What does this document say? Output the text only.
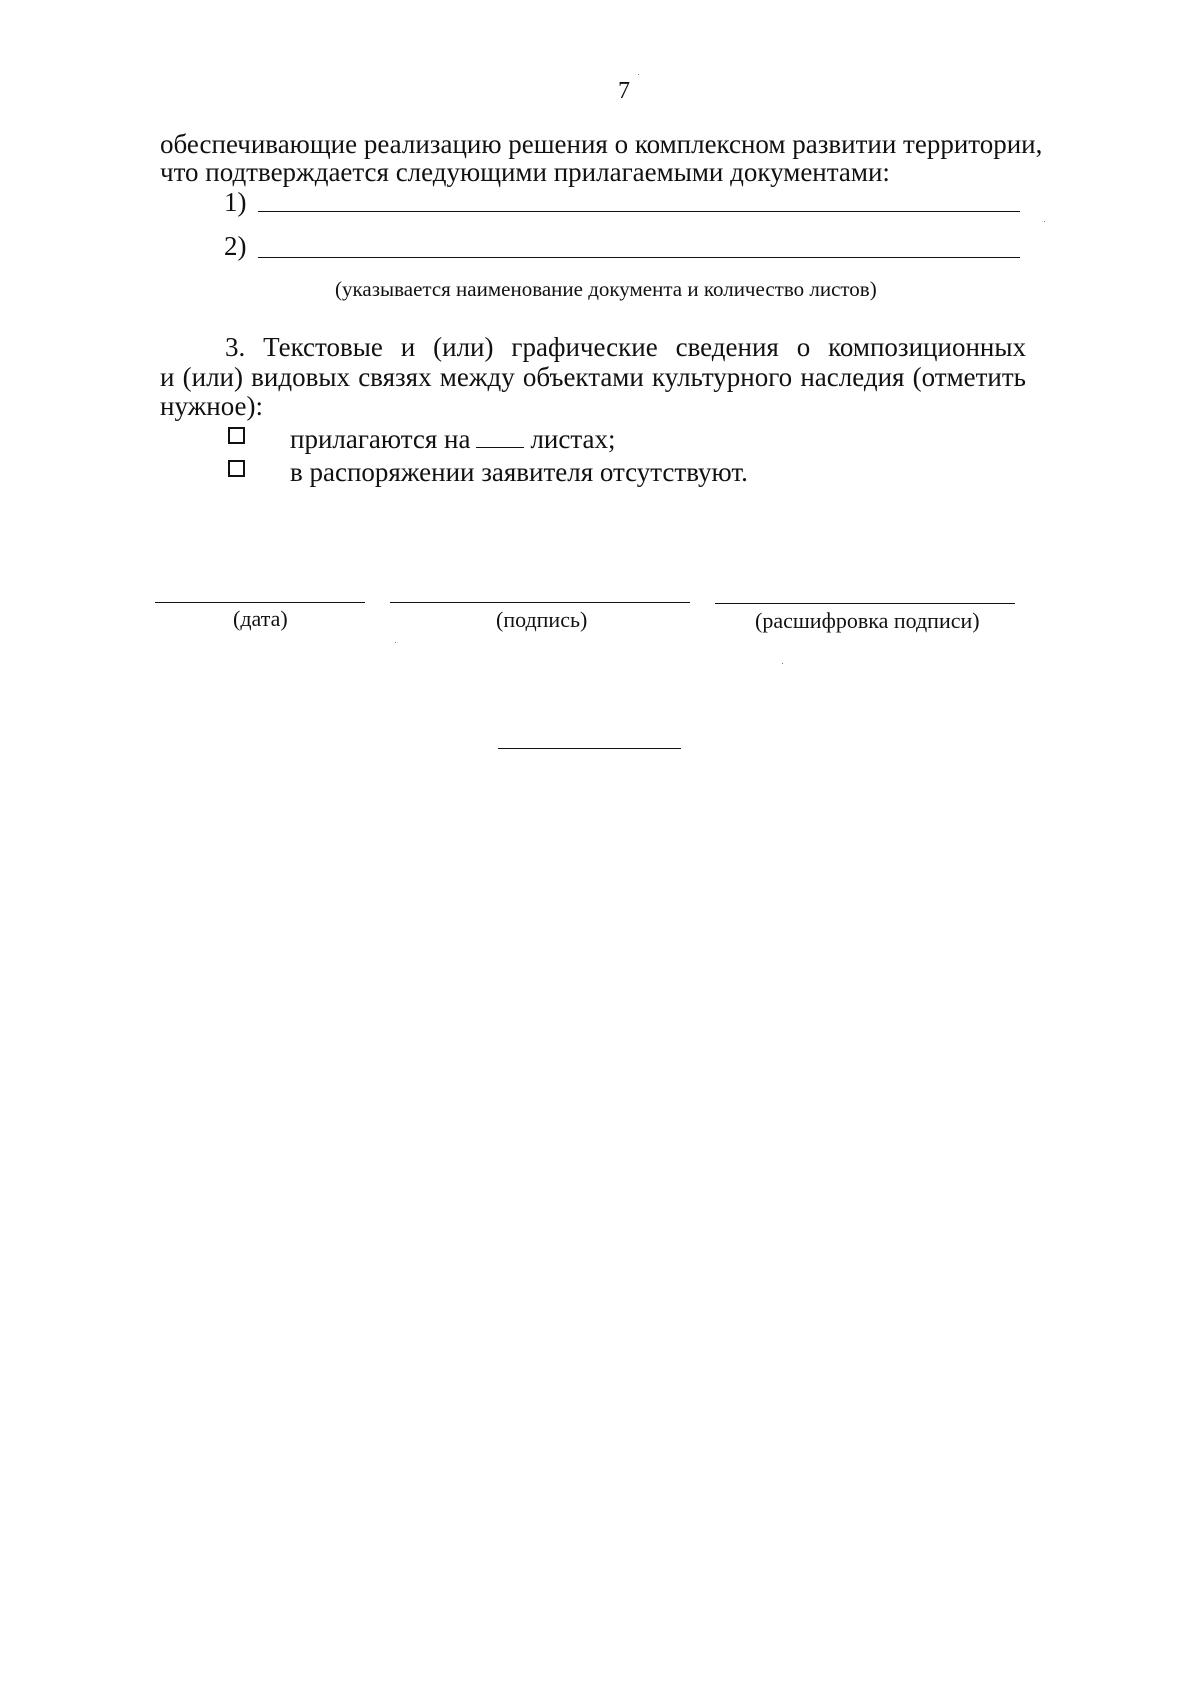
7
обеспечивающие реализацию решения о комплексном развитии территории,
что подтверждается следующими прилагаемыми документами:
1)
2)
(указывается наименование документа и количество листов)
3. Текстовые и (или) графические сведения о композиционных
и (или) видовых связях между объектами культурного наследия (отметить
нужное):
прилагаются на листах;
в распоряжении заявителя отсутствуют.
(дата)	(подпись)	(расшифровка подписи)
